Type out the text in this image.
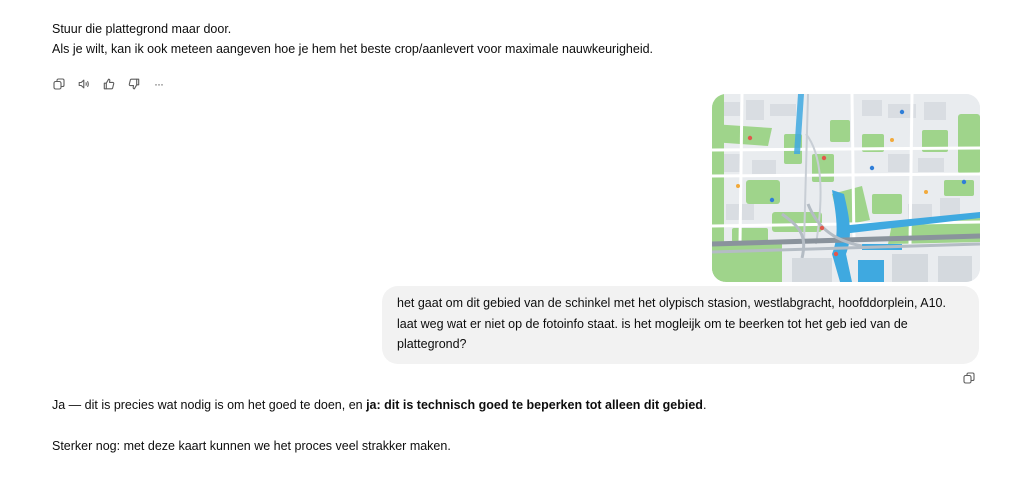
Stuur die plattegrond maar door.

Als je wilt, kan ik ook meteen aangeven hoe je hem het beste crop/aanlevert voor maximale nauwkeurigheid.

···
het gaat om dit gebied van de schinkel met het olypisch stasion, westlabgracht, hoofddorplein, A10. laat weg wat er niet op de fotoinfo staat. is het mogleijk om te beerken tot het geb ied van de plattegrond?

Ja — dit is precies wat nodig is om het goed te doen, en ja: dit is technisch goed te beperken tot alleen dit gebied.

Sterker nog: met deze kaart kunnen we het proces veel strakker maken.
